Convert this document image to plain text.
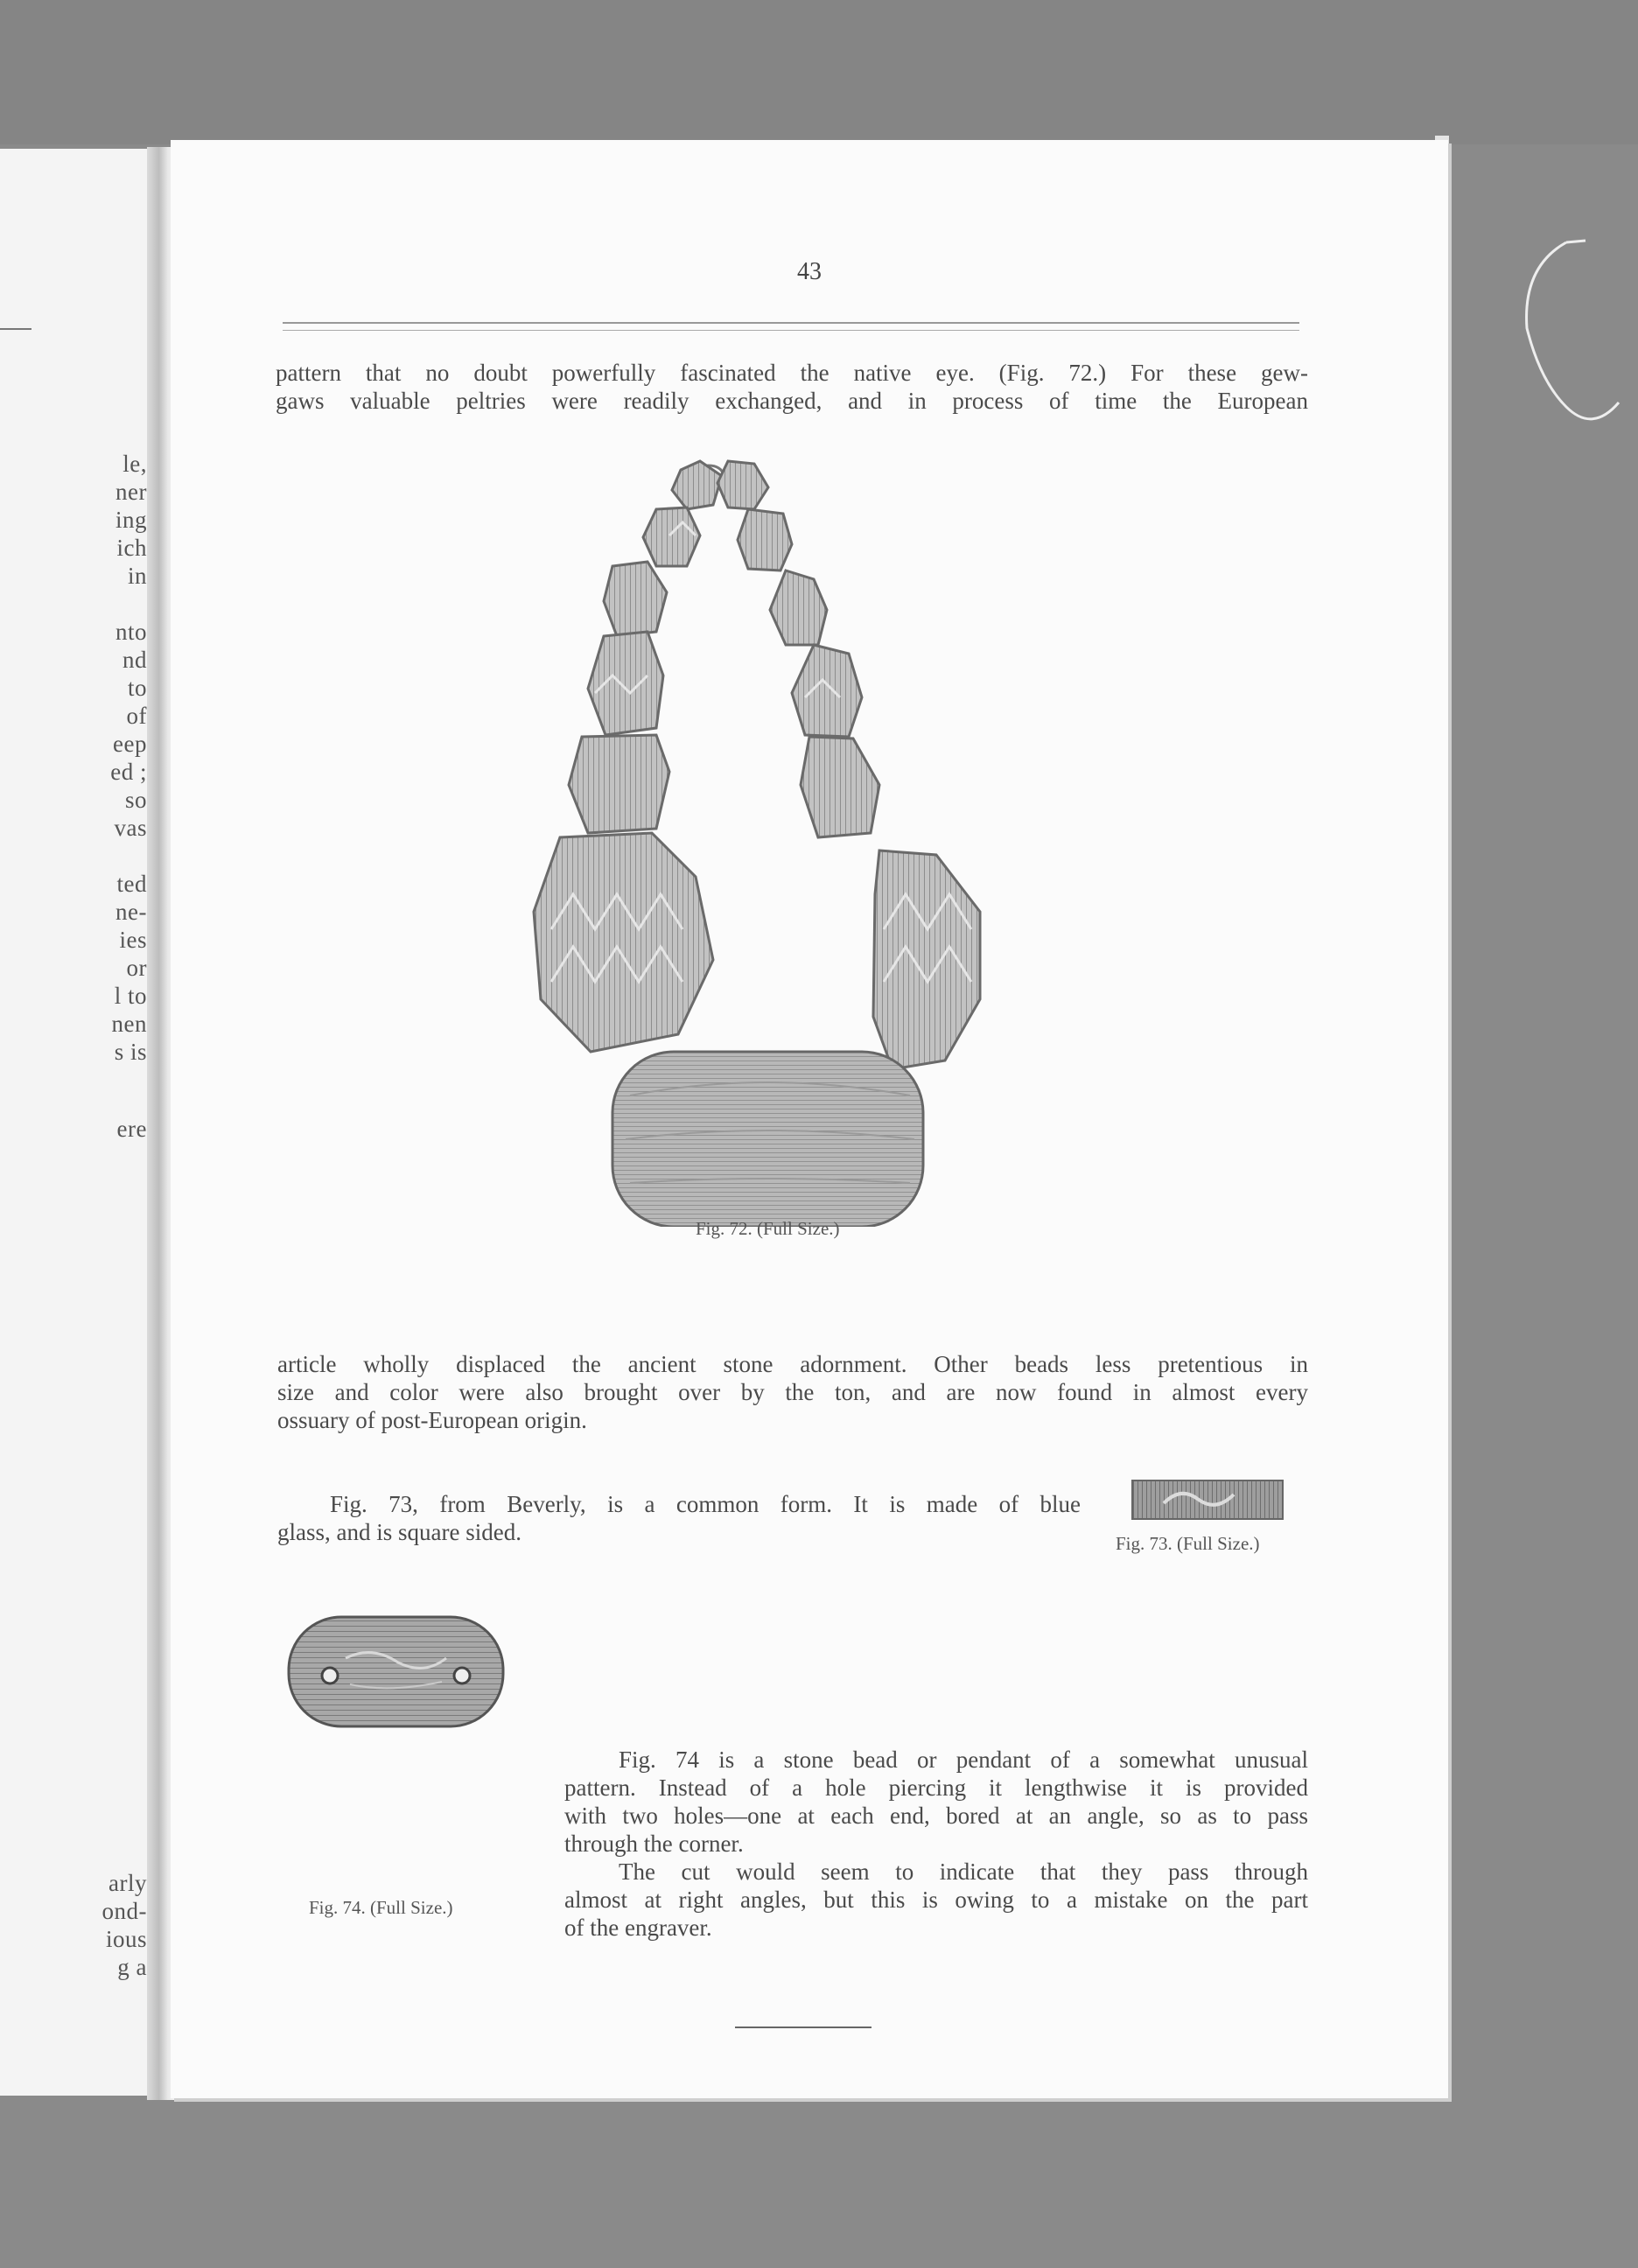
le,
ner
ing
ich
in
nto
nd
to
of
eep
ed ;
so
vas
ted
ne-
ies
or
l to
nen
s is
ere
arly
ond-
ious
g a
43
pattern that no doubt powerfully fascinated the native eye. (Fig. 72.) For these gew-
gaws valuable peltries were readily exchanged, and in process of time the European
Fig. 72. (Full Size.)
article wholly displaced the ancient stone adornment. Other beads less pretentious in
size and color were also brought over by the ton, and are now found in almost every
ossuary of post-European origin.
Fig. 73, from Beverly, is a common form. It is made of blue
glass, and is square sided.	Fig. 73. (Full Size.)
Fig. 74. (Full Size.)
Fig. 74 is a stone bead or pendant of a somewhat unusual
pattern. Instead of a hole piercing it lengthwise it is provided
with two holes—one at each end, bored at an angle, so as to pass
through the corner.
The cut would seem to indicate that they pass through
almost at right angles, but this is owing to a mistake on the part
of the engraver.
